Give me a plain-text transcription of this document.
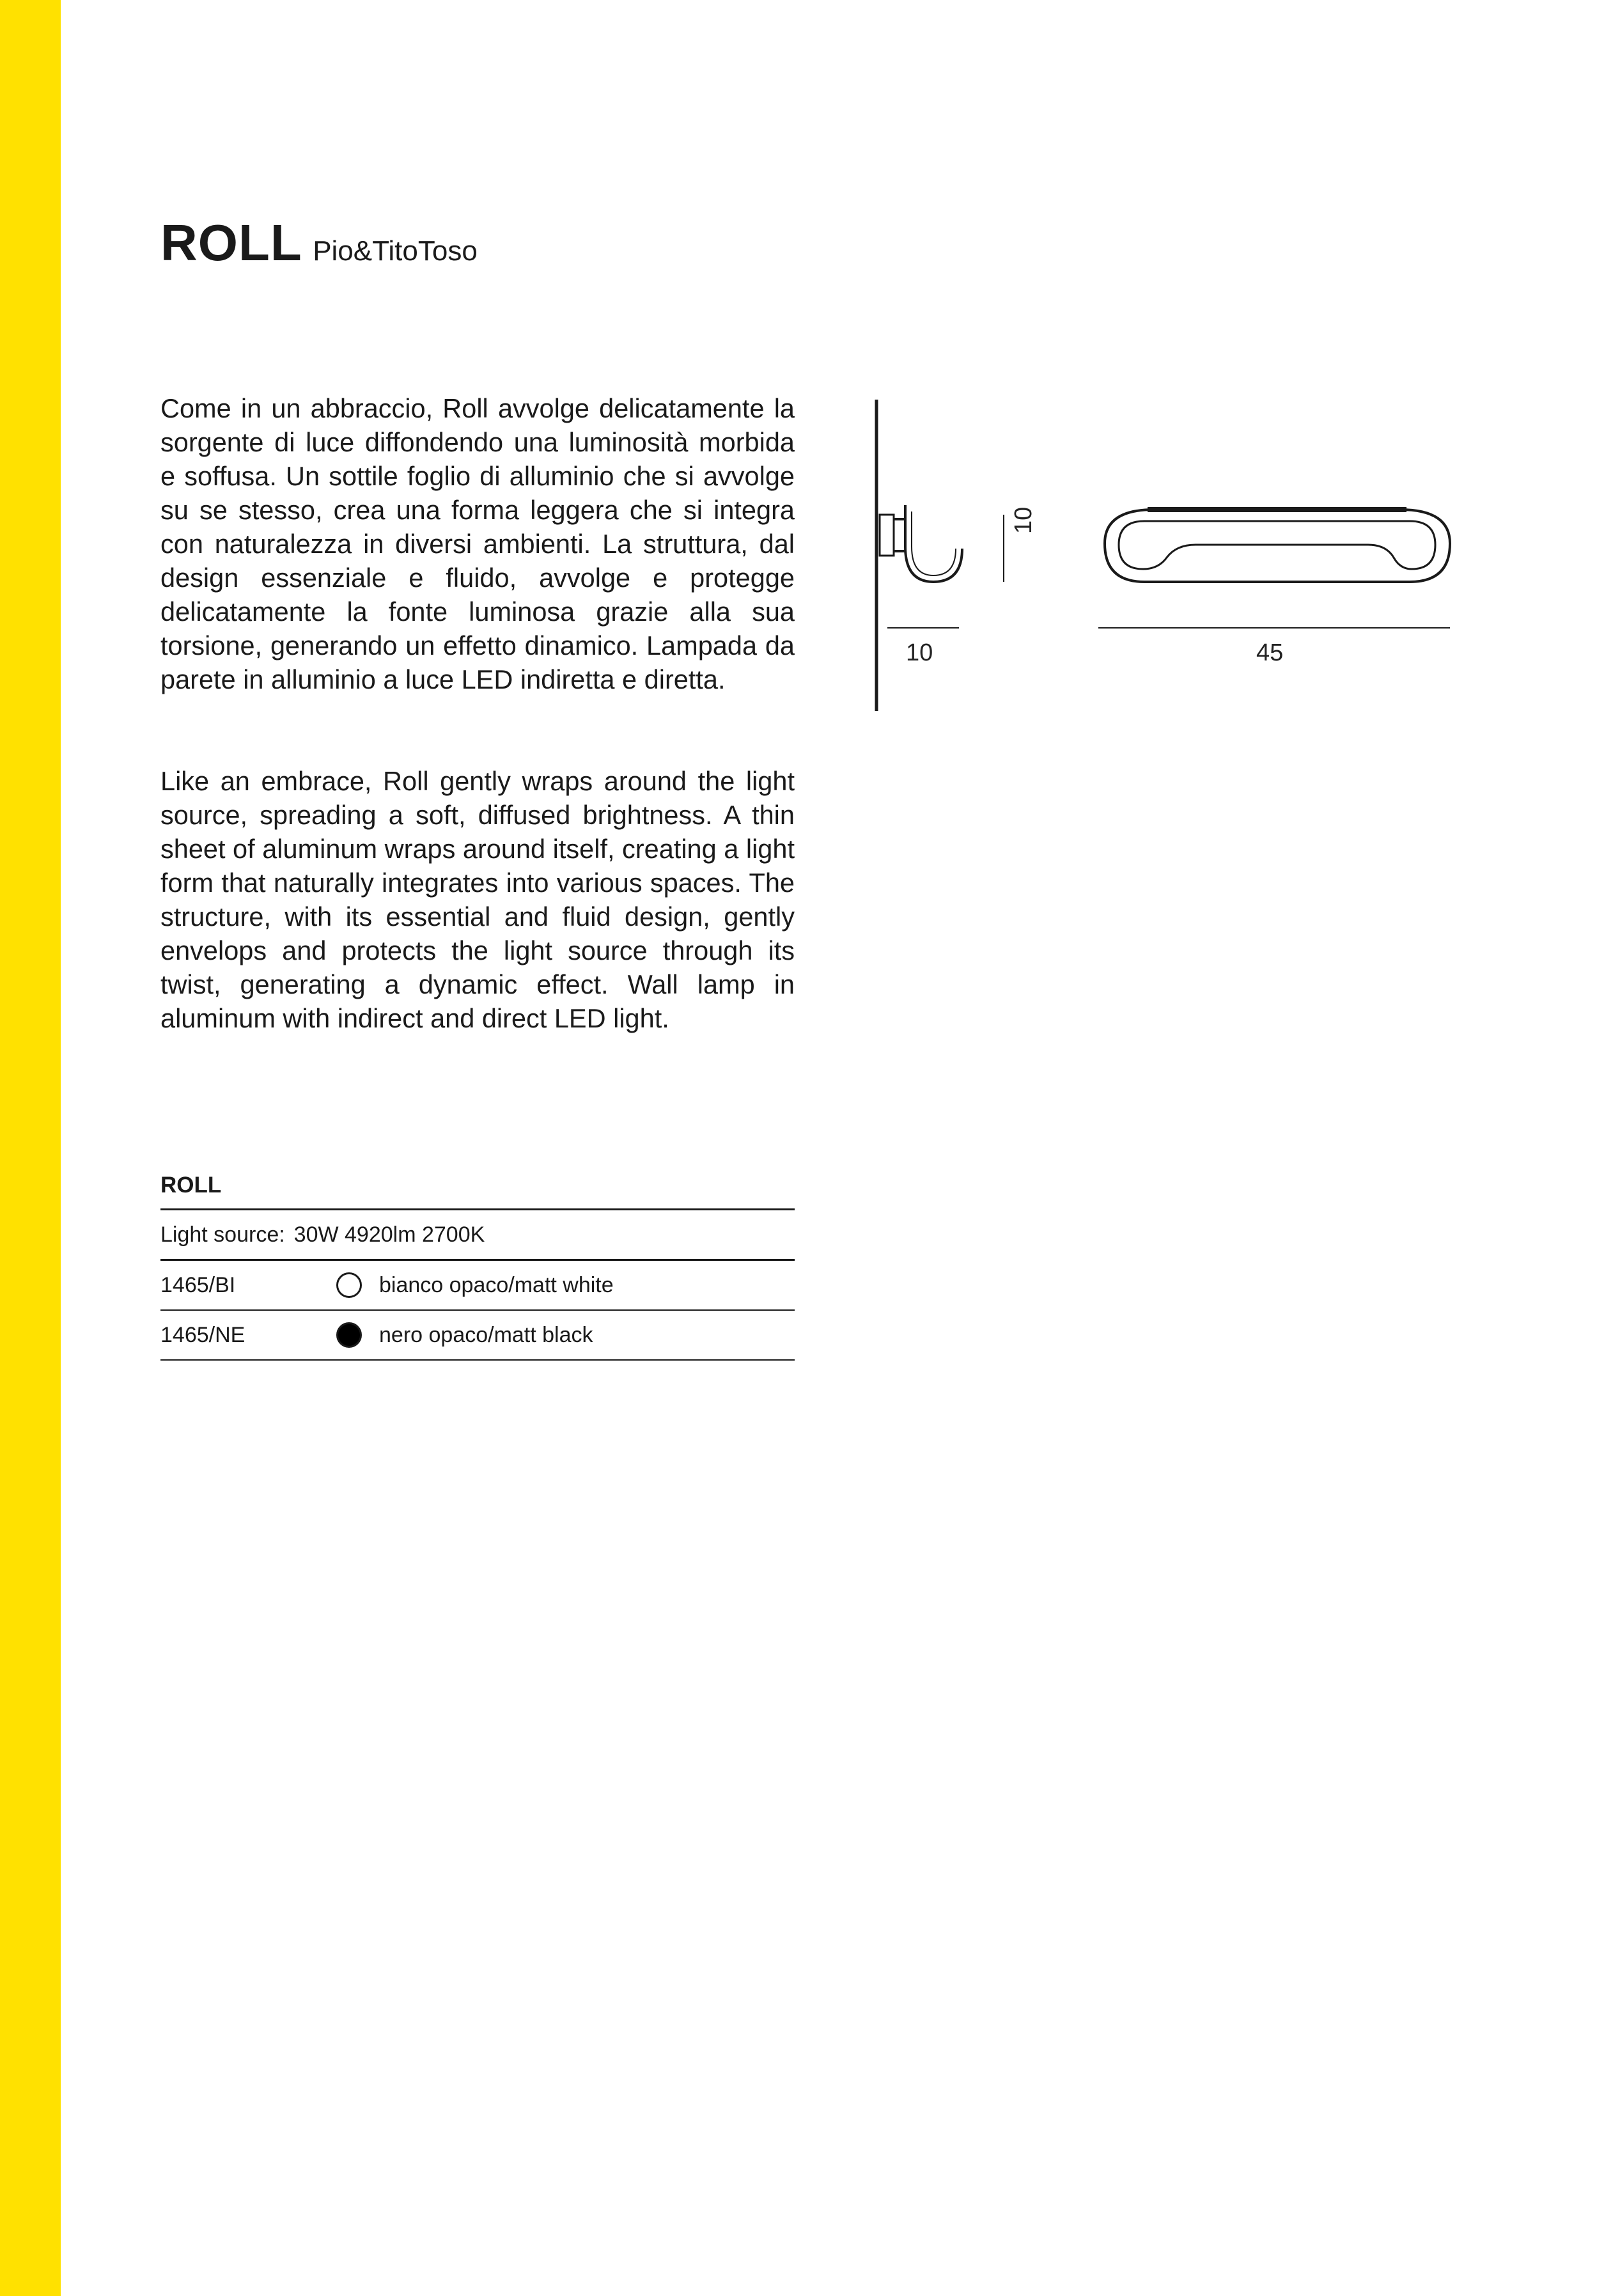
ROLL Pio&TitoToso

Come in un abbraccio, Roll avvolge delicatamente la sorgente di luce diffondendo una luminosità morbida e soffusa. Un sottile foglio di alluminio che si avvolge su se stesso, crea una forma leggera che si integra con naturalezza in diversi ambienti. La struttura, dal design essenziale e fluido, avvolge e protegge delicatamente la fonte luminosa grazie alla sua torsione, generando un effetto dinamico. Lampada da parete in alluminio a luce LED indiretta e diretta.

Like an embrace, Roll gently wraps around the light source, spreading a soft, diffused brightness. A thin sheet of aluminum wraps around itself, creating a light form that naturally integrates into various spaces. The structure, with its essential and fluid design, gently envelops and protects the light source through its twist, generating a dynamic effect. Wall lamp in aluminum with indirect and direct LED light.

10
10
45
ROLL
Light source: 30W 4920lm 2700K
1465/BI	bianco opaco/matt white
1465/NE	nero opaco/matt black
